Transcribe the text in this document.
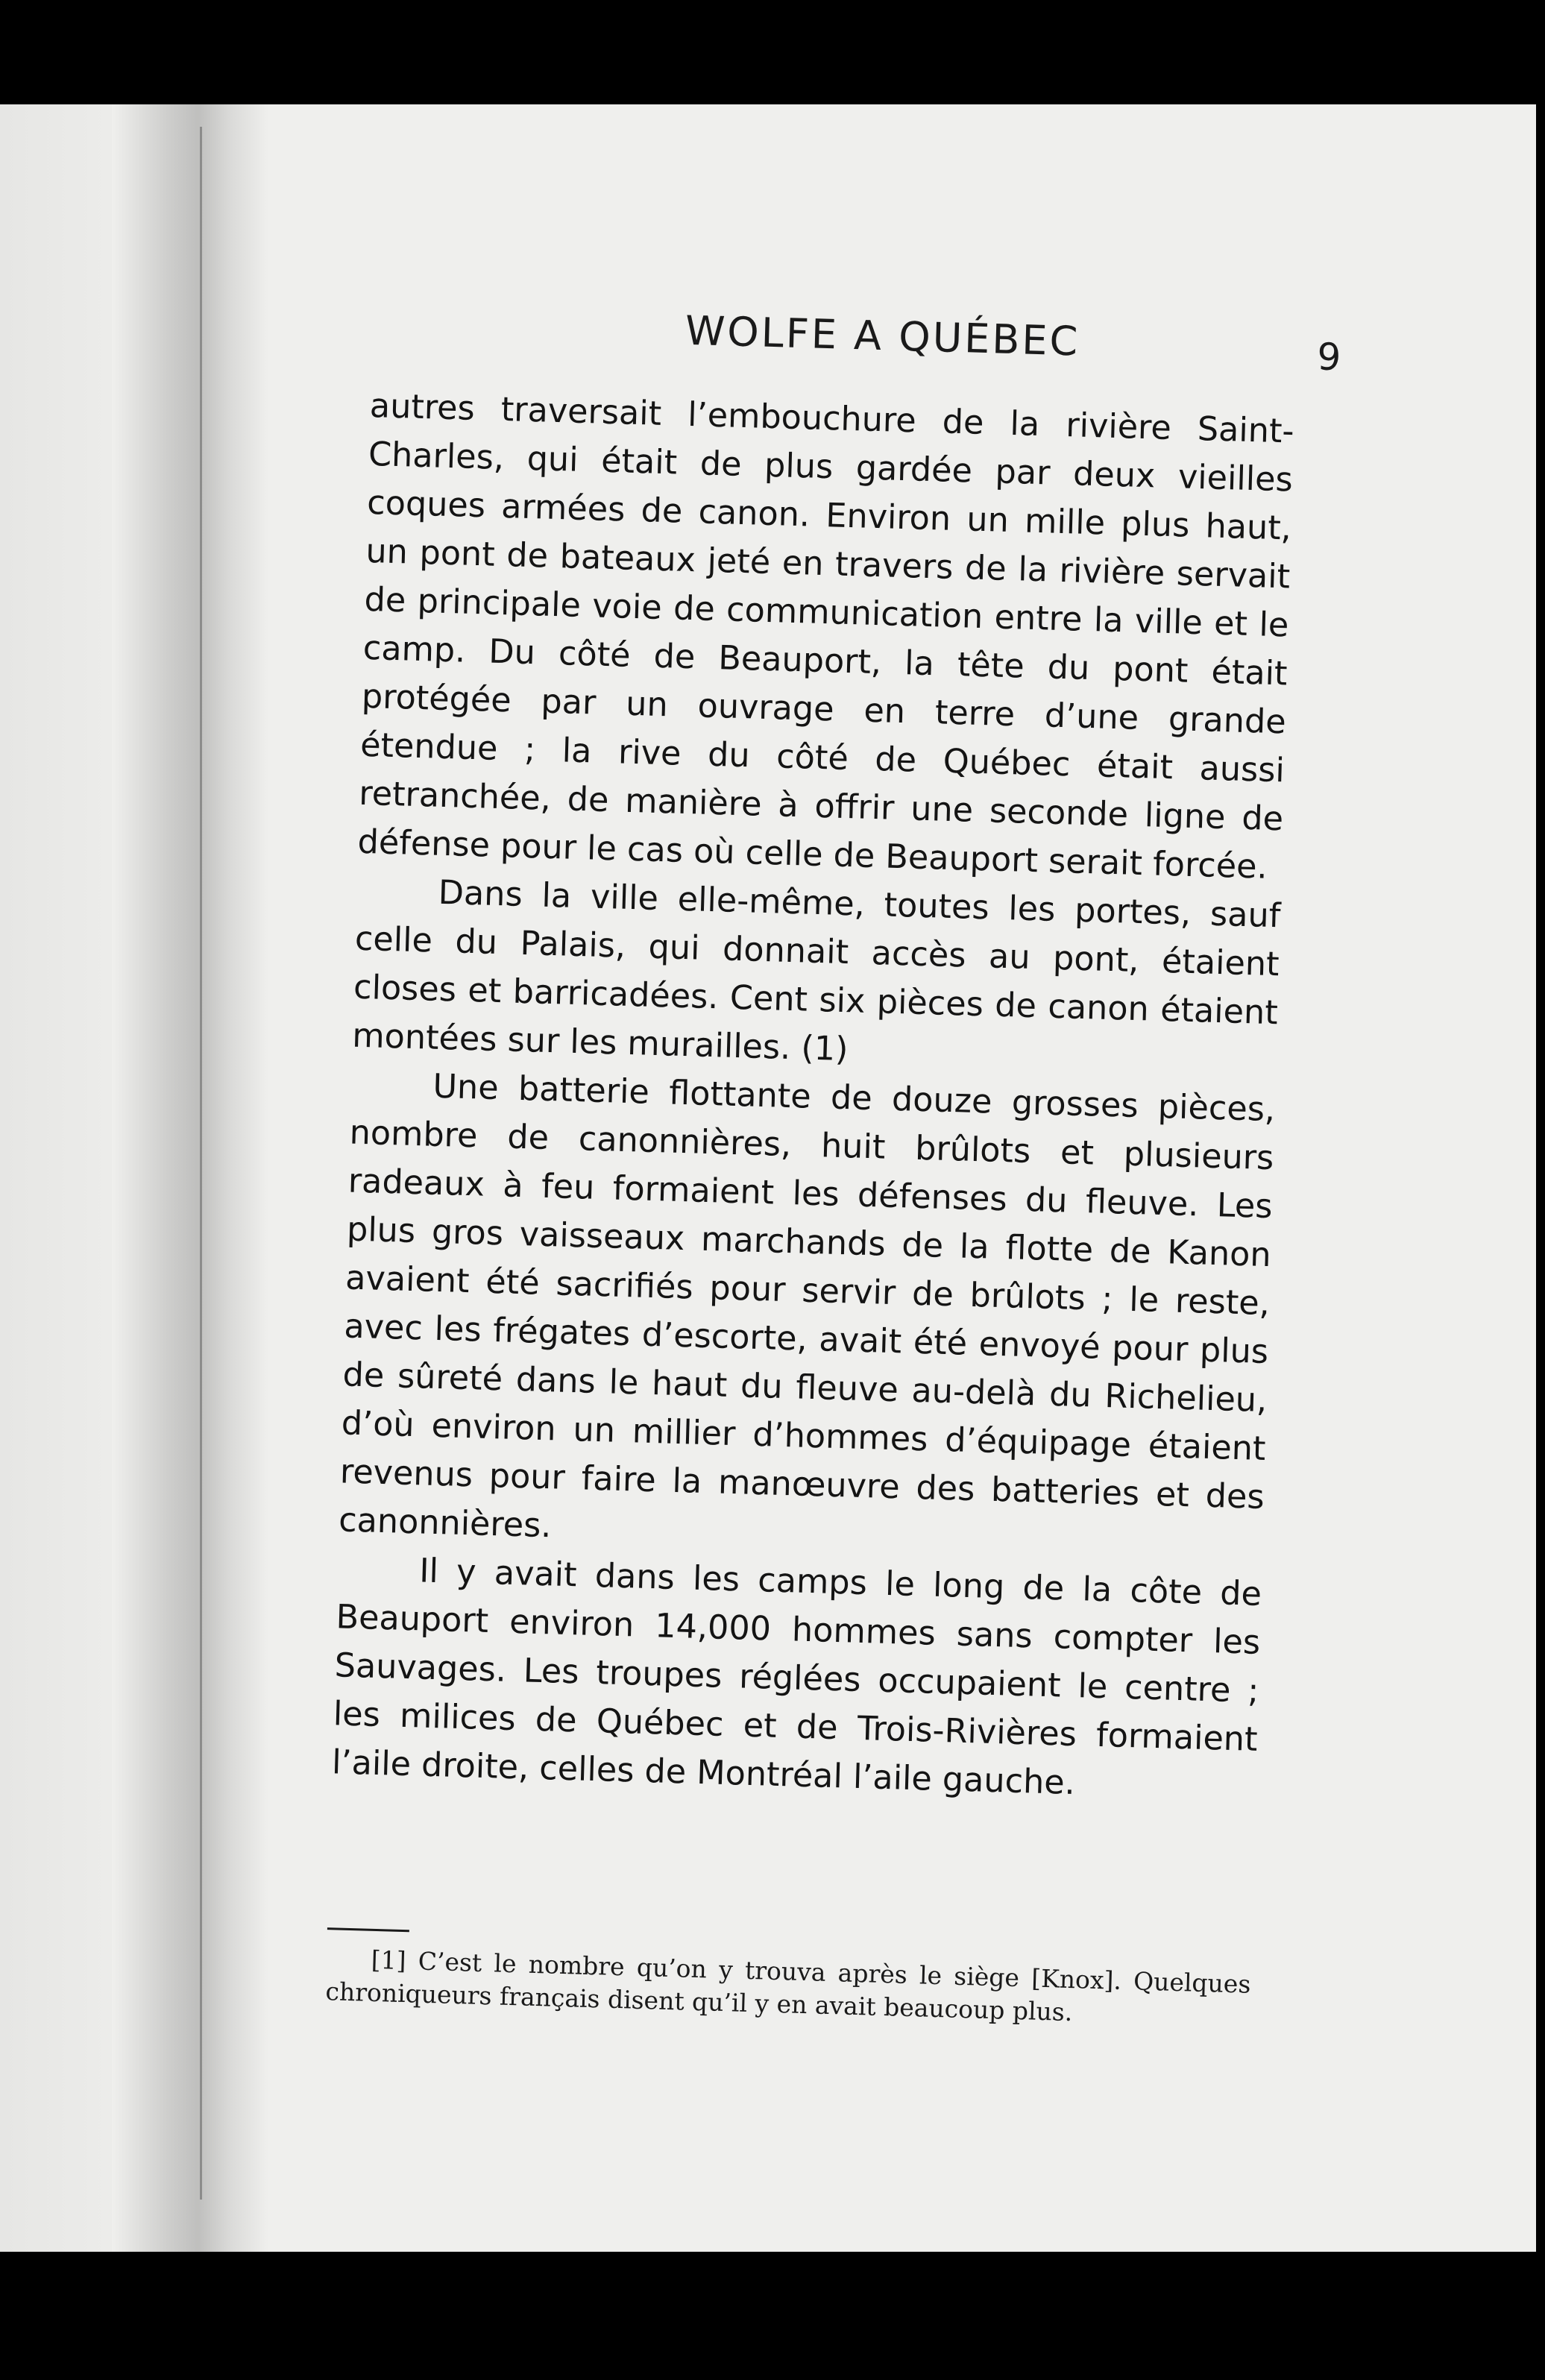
WOLFE A QUÉBEC	9

autres traversait l’embouchure de la rivière Saint-Charles, qui était de plus gardée par deux vieilles coques armées de canon. Environ un mille plus haut, un pont de bateaux jeté en travers de la rivière servait de principale voie de communication entre la ville et le camp. Du côté de Beauport, la tête du pont était protégée par un ouvrage en terre d’une grande étendue ; la rive du côté de Québec était aussi retranchée, de manière à offrir une seconde ligne de défense pour le cas où celle de Beauport serait forcée.

Dans la ville elle-même, toutes les portes, sauf celle du Palais, qui donnait accès au pont, étaient closes et barricadées. Cent six pièces de canon étaient montées sur les murailles. (1)

Une batterie flottante de douze grosses pièces, nombre de canonnières, huit brûlots et plusieurs radeaux à feu formaient les défenses du fleuve. Les plus gros vaisseaux marchands de la flotte de Kanon avaient été sacrifiés pour servir de brûlots ; le reste, avec les frégates d’escorte, avait été envoyé pour plus de sûreté dans le haut du fleuve au-delà du Richelieu, d’où environ un millier d’hommes d’équipage étaient revenus pour faire la manœuvre des batteries et des canonnières.

Il y avait dans les camps le long de la côte de Beauport environ 14,000 hommes sans compter les Sauvages. Les troupes réglées occupaient le centre ; les milices de Québec et de Trois-Rivières formaient l’aile droite, celles de Montréal l’aile gauche.

[1] C’est le nombre qu’on y trouva après le siège [Knox]. Quelques chroniqueurs français disent qu’il y en avait beaucoup plus.
